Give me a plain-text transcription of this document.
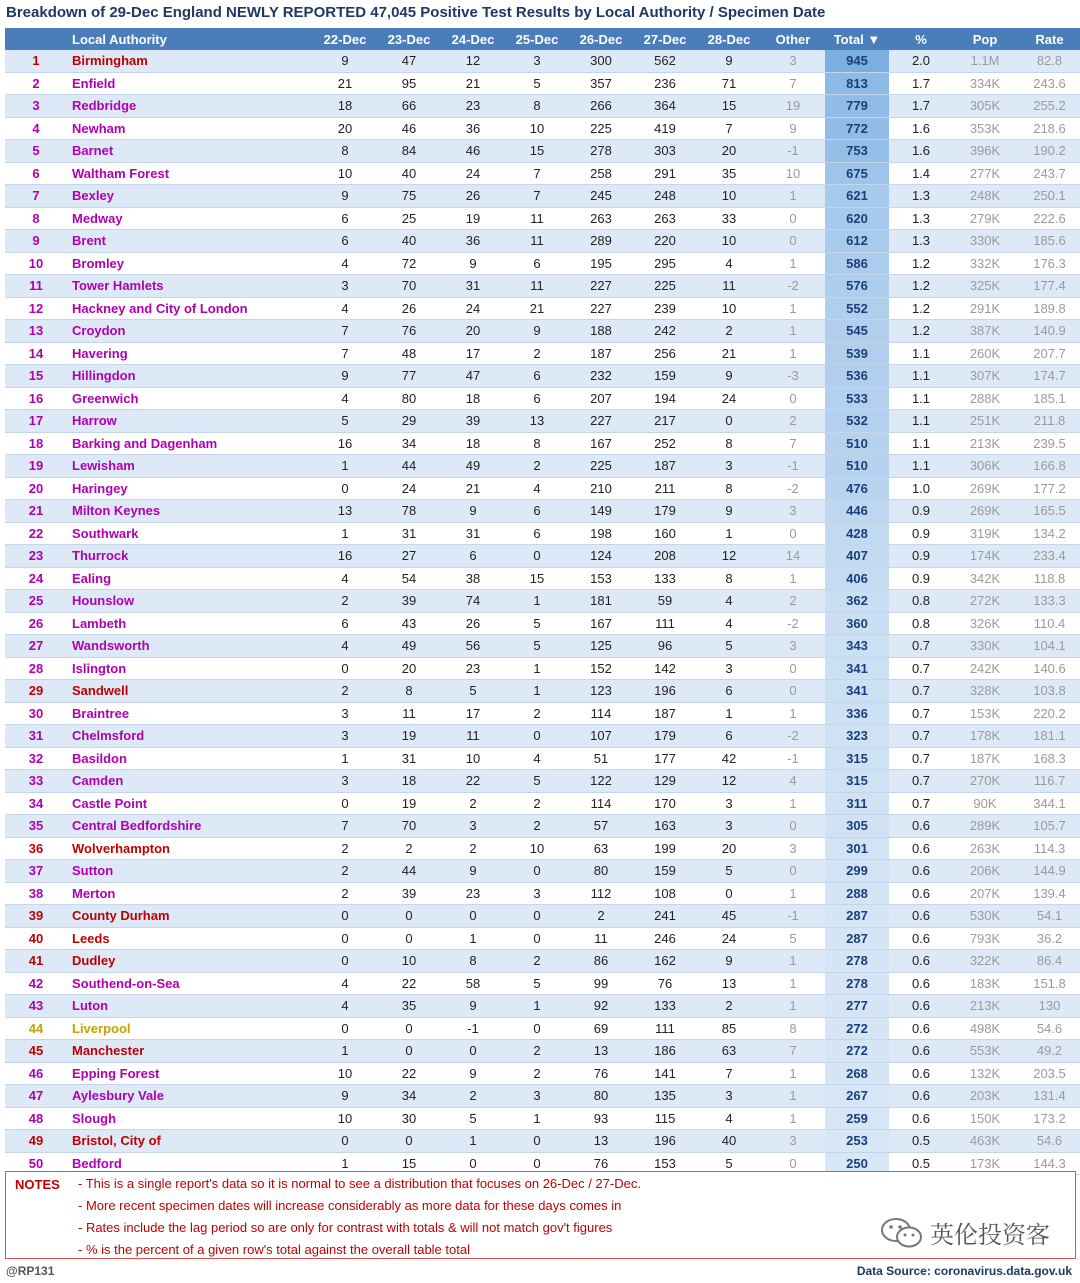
Breakdown of 29-Dec England NEWLY REPORTED 47,045 Positive Test Results by Local Authority / Specimen Date
	Local Authority	22-Dec	23-Dec	24-Dec	25-Dec	26-Dec	27-Dec	28-Dec	Other	Total ▼	%	Pop	Rate
1	Birmingham	9	47	12	3	300	562	9	3	945	2.0	1.1M	82.8
2	Enfield	21	95	21	5	357	236	71	7	813	1.7	334K	243.6
3	Redbridge	18	66	23	8	266	364	15	19	779	1.7	305K	255.2
4	Newham	20	46	36	10	225	419	7	9	772	1.6	353K	218.6
5	Barnet	8	84	46	15	278	303	20	-1	753	1.6	396K	190.2
6	Waltham Forest	10	40	24	7	258	291	35	10	675	1.4	277K	243.7
7	Bexley	9	75	26	7	245	248	10	1	621	1.3	248K	250.1
8	Medway	6	25	19	11	263	263	33	0	620	1.3	279K	222.6
9	Brent	6	40	36	11	289	220	10	0	612	1.3	330K	185.6
10	Bromley	4	72	9	6	195	295	4	1	586	1.2	332K	176.3
11	Tower Hamlets	3	70	31	11	227	225	11	-2	576	1.2	325K	177.4
12	Hackney and City of London	4	26	24	21	227	239	10	1	552	1.2	291K	189.8
13	Croydon	7	76	20	9	188	242	2	1	545	1.2	387K	140.9
14	Havering	7	48	17	2	187	256	21	1	539	1.1	260K	207.7
15	Hillingdon	9	77	47	6	232	159	9	-3	536	1.1	307K	174.7
16	Greenwich	4	80	18	6	207	194	24	0	533	1.1	288K	185.1
17	Harrow	5	29	39	13	227	217	0	2	532	1.1	251K	211.8
18	Barking and Dagenham	16	34	18	8	167	252	8	7	510	1.1	213K	239.5
19	Lewisham	1	44	49	2	225	187	3	-1	510	1.1	306K	166.8
20	Haringey	0	24	21	4	210	211	8	-2	476	1.0	269K	177.2
21	Milton Keynes	13	78	9	6	149	179	9	3	446	0.9	269K	165.5
22	Southwark	1	31	31	6	198	160	1	0	428	0.9	319K	134.2
23	Thurrock	16	27	6	0	124	208	12	14	407	0.9	174K	233.4
24	Ealing	4	54	38	15	153	133	8	1	406	0.9	342K	118.8
25	Hounslow	2	39	74	1	181	59	4	2	362	0.8	272K	133.3
26	Lambeth	6	43	26	5	167	111	4	-2	360	0.8	326K	110.4
27	Wandsworth	4	49	56	5	125	96	5	3	343	0.7	330K	104.1
28	Islington	0	20	23	1	152	142	3	0	341	0.7	242K	140.6
29	Sandwell	2	8	5	1	123	196	6	0	341	0.7	328K	103.8
30	Braintree	3	11	17	2	114	187	1	1	336	0.7	153K	220.2
31	Chelmsford	3	19	11	0	107	179	6	-2	323	0.7	178K	181.1
32	Basildon	1	31	10	4	51	177	42	-1	315	0.7	187K	168.3
33	Camden	3	18	22	5	122	129	12	4	315	0.7	270K	116.7
34	Castle Point	0	19	2	2	114	170	3	1	311	0.7	90K	344.1
35	Central Bedfordshire	7	70	3	2	57	163	3	0	305	0.6	289K	105.7
36	Wolverhampton	2	2	2	10	63	199	20	3	301	0.6	263K	114.3
37	Sutton	2	44	9	0	80	159	5	0	299	0.6	206K	144.9
38	Merton	2	39	23	3	112	108	0	1	288	0.6	207K	139.4
39	County Durham	0	0	0	0	2	241	45	-1	287	0.6	530K	54.1
40	Leeds	0	0	1	0	11	246	24	5	287	0.6	793K	36.2
41	Dudley	0	10	8	2	86	162	9	1	278	0.6	322K	86.4
42	Southend-on-Sea	4	22	58	5	99	76	13	1	278	0.6	183K	151.8
43	Luton	4	35	9	1	92	133	2	1	277	0.6	213K	130
44	Liverpool	0	0	-1	0	69	111	85	8	272	0.6	498K	54.6
45	Manchester	1	0	0	2	13	186	63	7	272	0.6	553K	49.2
46	Epping Forest	10	22	9	2	76	141	7	1	268	0.6	132K	203.5
47	Aylesbury Vale	9	34	2	3	80	135	3	1	267	0.6	203K	131.4
48	Slough	10	30	5	1	93	115	4	1	259	0.6	150K	173.2
49	Bristol, City of	0	0	1	0	13	196	40	3	253	0.5	463K	54.6
50	Bedford	1	15	0	0	76	153	5	0	250	0.5	173K	144.3
NOTES - This is a single report's data so it is normal to see a distribution that focuses on 26-Dec / 27-Dec.
- More recent specimen dates will increase considerably as more data for these days comes in
- Rates include the lag period so are only for contrast with totals & will not match gov't figures
- % is the percent of a given row's total against the overall table total
英伦投资客
@RP131	Data Source: coronavirus.data.gov.uk
